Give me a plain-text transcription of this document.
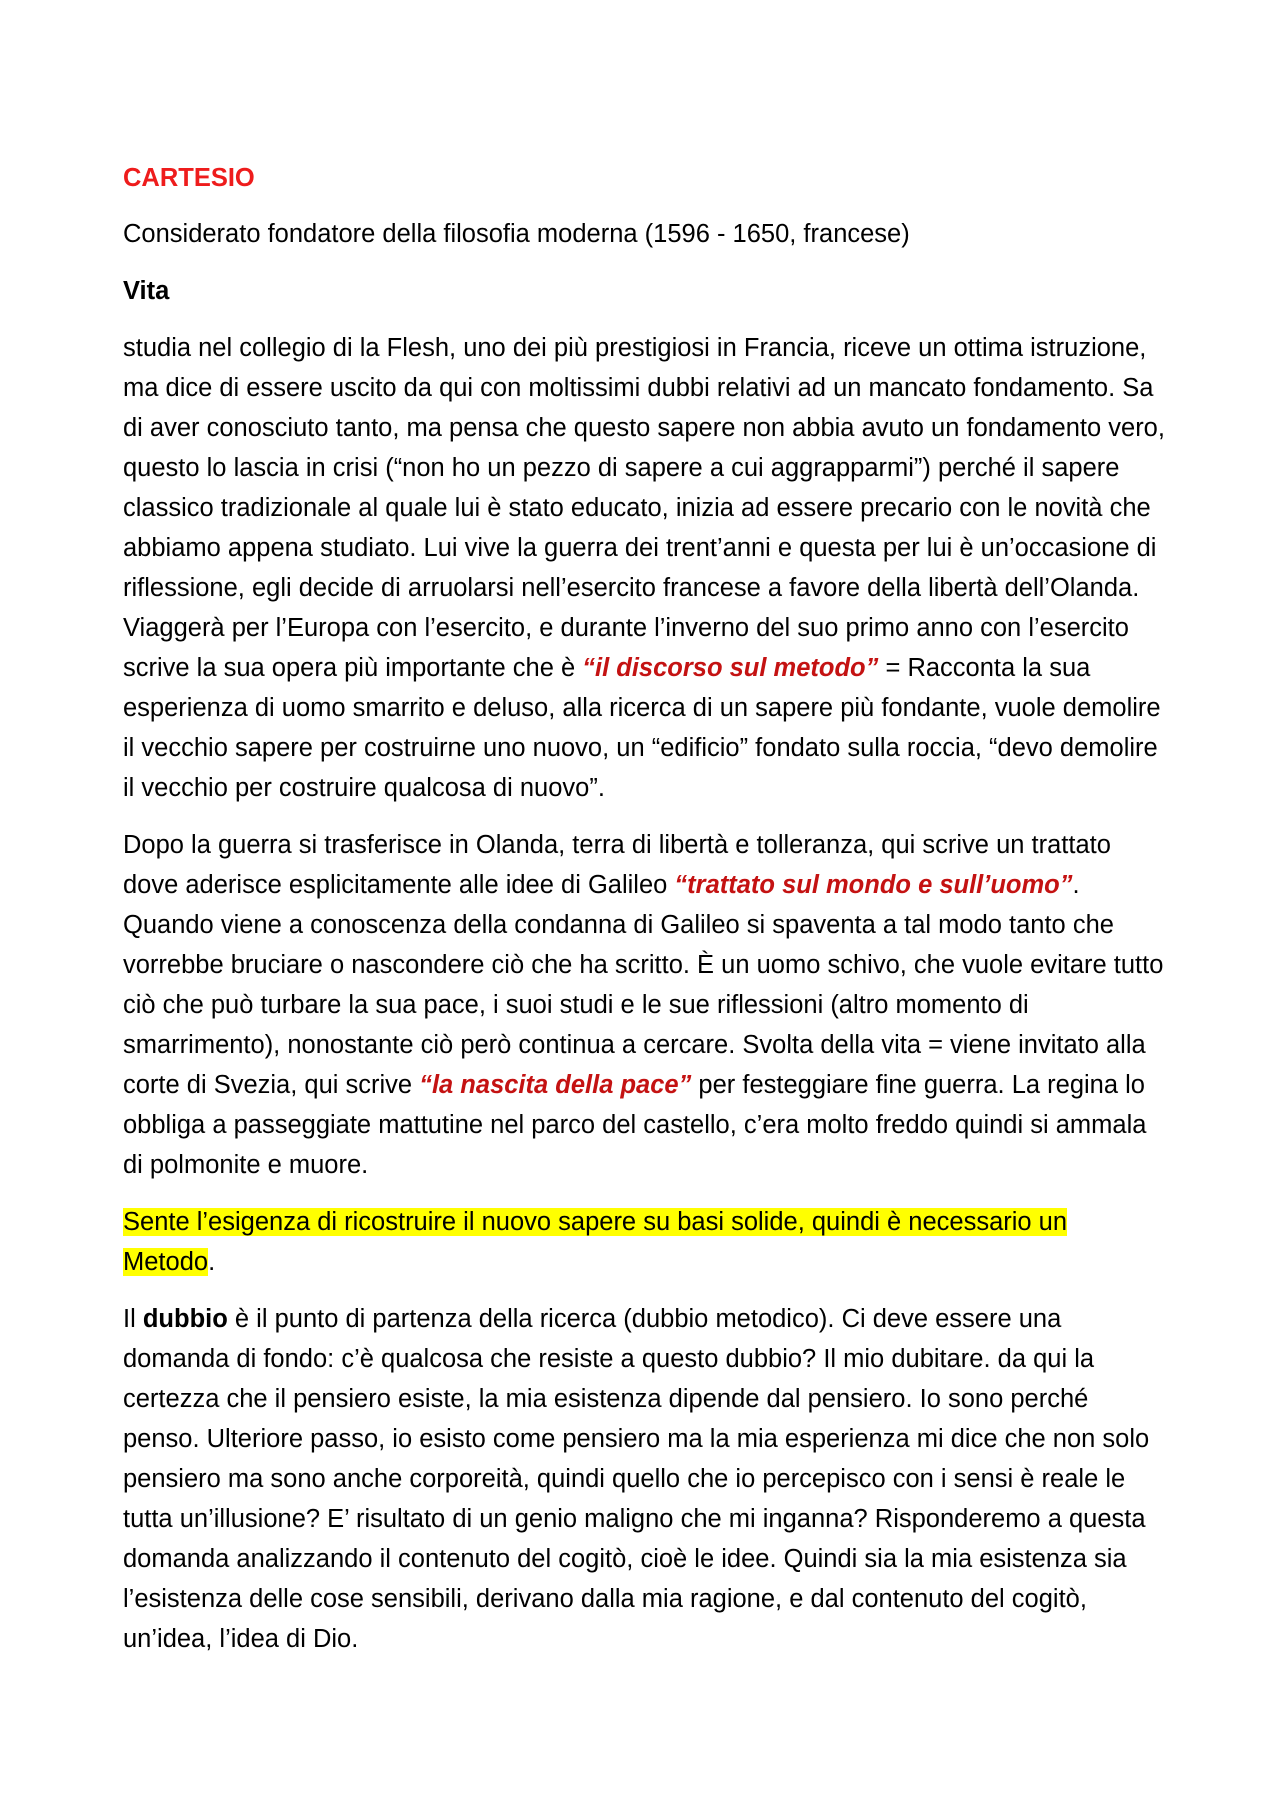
CARTESIO

Considerato fondatore della filosofia moderna (1596 - 1650, francese)

Vita

studia nel collegio di la Flesh, uno dei più prestigiosi in Francia, riceve un ottima istruzione, ma dice di essere uscito da qui con moltissimi dubbi relativi ad un mancato fondamento. Sa di aver conosciuto tanto, ma pensa che questo sapere non abbia avuto un fondamento vero, questo lo lascia in crisi (“non ho un pezzo di sapere a cui aggrapparmi”) perché il sapere classico tradizionale al quale lui è stato educato, inizia ad essere precario con le novità che abbiamo appena studiato. Lui vive la guerra dei trent’anni e questa per lui è un’occasione di riflessione, egli decide di arruolarsi nell’esercito francese a favore della libertà dell’Olanda. Viaggerà per l’Europa con l’esercito, e durante l’inverno del suo primo anno con l’esercito scrive la sua opera più importante che è “il discorso sul metodo” = Racconta la sua esperienza di uomo smarrito e deluso, alla ricerca di un sapere più fondante, vuole demolire il vecchio sapere per costruirne uno nuovo, un “edificio” fondato sulla roccia, “devo demolire il vecchio per costruire qualcosa di nuovo”.

Dopo la guerra si trasferisce in Olanda, terra di libertà e tolleranza, qui scrive un trattato dove aderisce esplicitamente alle idee di Galileo “trattato sul mondo e sull’uomo”. Quando viene a conoscenza della condanna di Galileo si spaventa a tal modo tanto che vorrebbe bruciare o nascondere ciò che ha scritto. È un uomo schivo, che vuole evitare tutto ciò che può turbare la sua pace, i suoi studi e le sue riflessioni (altro momento di smarrimento), nonostante ciò però continua a cercare. Svolta della vita = viene invitato alla corte di Svezia, qui scrive “la nascita della pace” per festeggiare fine guerra. La regina lo obbliga a passeggiate mattutine nel parco del castello, c’era molto freddo quindi si ammala di polmonite e muore.

Sente l’esigenza di ricostruire il nuovo sapere su basi solide, quindi è necessario un Metodo.

Il dubbio è il punto di partenza della ricerca (dubbio metodico). Ci deve essere una domanda di fondo: c’è qualcosa che resiste a questo dubbio? Il mio dubitare. da qui la certezza che il pensiero esiste, la mia esistenza dipende dal pensiero. Io sono perché penso. Ulteriore passo, io esisto come pensiero ma la mia esperienza mi dice che non solo pensiero ma sono anche corporeità, quindi quello che io percepisco con i sensi è reale le tutta un’illusione? E’ risultato di un genio maligno che mi inganna? Risponderemo a questa domanda analizzando il contenuto del cogitò, cioè le idee. Quindi sia la mia esistenza sia l’esistenza delle cose sensibili, derivano dalla mia ragione, e dal contenuto del cogitò, un’idea, l’idea di Dio.
